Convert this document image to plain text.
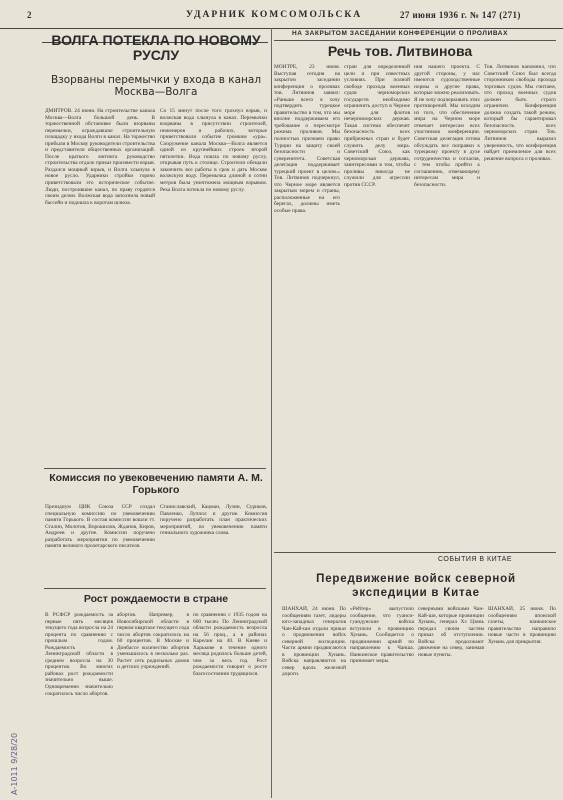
2	УДАРНИК КОМСОМОЛЬСКА	27 июня 1936 г. № 147 (271)
ВОЛГА ПОТЕКЛА ПО НОВОМУ РУСЛУ
Взорваны перемычки у входа в канал Москва—Волга
ДМИТРОВ. 24 июня. На строительстве канала Москва—Волга большой день. В торжественной обстановке были взорваны перемычки, ограждавшие строительную площадку у входа Волги в канал. На торжество прибыли в Москву руководители строительства и представители общественных организаций. После краткого митинга руководство строительства отдало приказ произвести взрыв. Раздался мощный взрыв, и Волга хлынула в новое русло. Ударники стройки горячо приветствовали это историческое событие. Люди, построившие канал, по праву гордятся своим делом. Волжская вода заполнила новый бассейн и подошла к воротам шлюза.
Со 15 минут после того грохнул взрыв, и волжская вода хлынула в канал. Перемычки взорваны в присутствии строителей, инженеров и рабочих, которые приветствовали событие громким «ура». Сооружение канала Москва—Волга является одной из крупнейших строек второй пятилетки. Вода пошла по новому руслу, открывая путь к столице. Строители обещали закончить все работы в срок и дать Москве волжскую воду. Перемычка длиной в сотни метров была уничтожена мощным взрывом. Река Волга потекла по новому руслу.
Комиссия по увековечению памяти А. М. Горького
Президиум ЦИК Союза ССР создал специальную комиссию по увековечению памяти Горького. В состав комиссии вошли тт. Сталин, Молотов, Ворошилов, Жданов, Киров, Андреев и другие. Комиссии поручено разработать мероприятия по увековечению памяти великого пролетарского писателя.
Станиславский, Кацман, Лузин, Суриков, Павленко, Луппол и другие. Комиссия поручено разработать план практических мероприятий, по увековечению памяти гениального художника слова.
Рост рождаемости в стране
В РСФСР рождаемость за первые пять месяцев текущего года возросла на 24 процента по сравнению с прошлым годом. Рождаемость в Ленинградской области в среднем возросла на 30 процентов. Во многих районах рост рождаемости значительно выше. Одновременно значительно сократилось число абортов.
абортов. Например, в Новосибирской области в первом квартале текущего года число абортов сократилось на 60 процентов. В Москве и Донбассе количество абортов уменьшилось в несколько раз. Растет сеть родильных домов и детских учреждений.
по сравнению с 1935 годом на 600 тысяч. По Ленинградской области рождаемость возросла на 56 проц., а в районах Карелии на 40. В Киеве и Харькове в течение одного месяца родилось больше детей, чем за весь год. Рост рождаемости говорит о росте благосостояния трудящихся.
НА ЗАКРЫТОМ ЗАСЕДАНИИ КОНФЕРЕНЦИИ О ПРОЛИВАХ
Речь тов. Литвинова
МОНТРЕ, 23 июня. Выступая сегодня на закрытом заседании конференции о проливах тов. Литвинов заявил: «Раньше всего я хочу подтвердить турецкое правительство в том, что мы вполне поддерживаем его требование о пересмотре режима проливов. Мы полностью признаем право Турции на защиту своей безопасности и суверенитета. Советская делегация поддерживает турецкий проект в целом.» Тов. Литвинов подчеркнул, что Черное море является закрытым морем и страны, расположенные на его берегах, должны иметь особые права.
стран для определенной цели и при известных условиях. При полной свободе прохода военных судов черноморских государств необходимо ограничить доступ в Черное море для флотов нечерноморских держав. Такая система обеспечит безопасность всех прибрежных стран и будет служить делу мира. Советский Союз, как черноморская держава, заинтересован в том, чтобы проливы никогда не служили для агрессии против СССР.
ния нашего проекта. С другой стороны, у нас имеются судоходственные нормы и другие права, которые можно реализовать. Я не хочу подчеркивать этих противоречий. Мы исходим из того, что обеспечение мира на Черном море отвечает интересам всех участников конференции. Советская делегация готова обсуждать все поправки к турецкому проекту в духе сотрудничества и согласия, с тем чтобы прийти к соглашению, отвечающему интересам мира и безопасности.
Тов. Литвинов напомнил, что Советский Союз был всегда сторонником свободы прохода торговых судов. Мы считаем, что проход военных судов должен быть строго ограничен. Конференция должна создать такой режим, который бы гарантировал безопасность всех черноморских стран. Тов. Литвинов выразил уверенность, что конференция найдет приемлемое для всех решение вопроса о проливах.
СОБЫТИЯ В КИТАЕ
Передвижение войск северной экспедиции в Китае
ШАНХАЙ, 24 июня. По сообщениям газет, лидеры юго-западных генералов Чан-Кай-ши отдали приказ о продвижении войск северной экспедиции. Части армии продвигаются в провинции Хунань. Войска направляются на север вдоль железной дороги.
«Рейтер» выпустило сообщение, что гуанси-гуандунские войска вступили в провинцию Хунань. Сообщается о продвижении армий по направлению к Чанша. Нанкинское правительство принимает меры.
северными войсками Чан-Кай-ши, которые провинции Хунань, генерал Хэ Цзянь передал своим частям приказ об отступлении. Войска продолжают движение на север, занимая новые пункты.
ШАНХАЙ, 25 июня. По сообщениям японской газеты, нанкинское правительство направило новые части в провинцию Хунань для прикрытия.
А-1011 9/28/20
